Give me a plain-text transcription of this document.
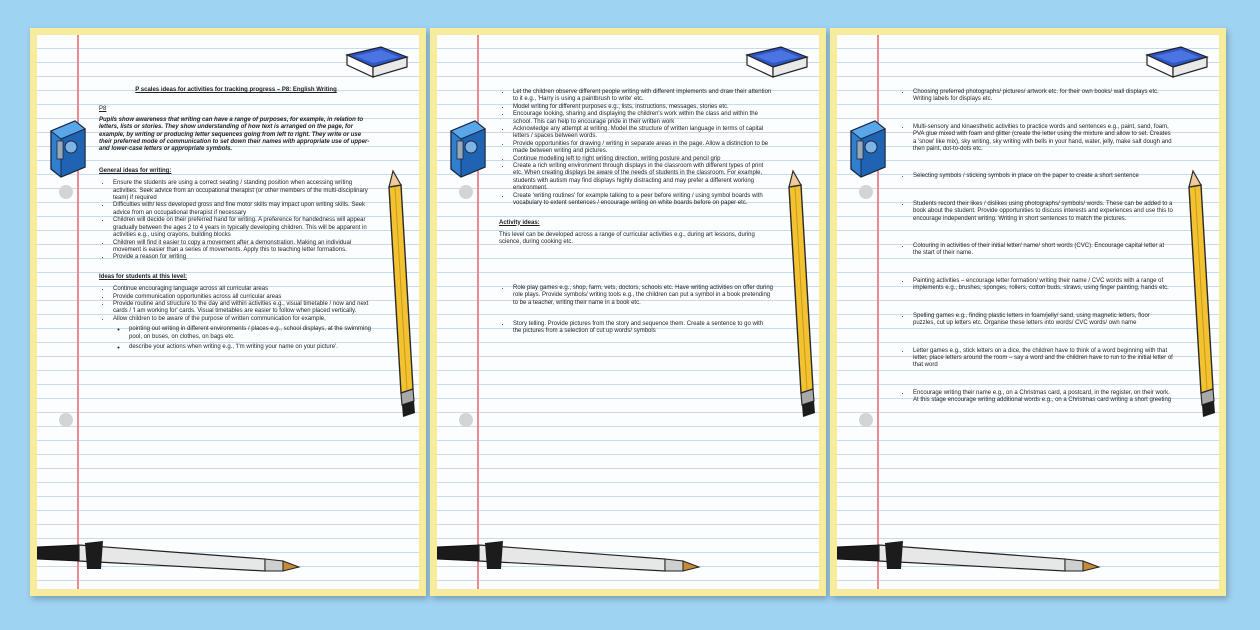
P scales ideas for activities for tracking progress – P8: English Writing
P8
Pupils show awareness that writing can have a range of purposes, for example, in relation to letters, lists or stories. They show understanding of how text is arranged on the page, for example, by writing or producing letter sequences going from left to right. They write or use their preferred mode of communication to set down their names with appropriate use of upper- and lower-case letters or appropriate symbols.
General ideas for writing:
• Ensure the students are using a correct seating / standing position when accessing writing activities. Seek advice from an occupational therapist (or other members of the multi-disciplinary team) if required
• Difficulties with/ less developed gross and fine motor skills may impact upon writing skills. Seek advice from an occupational therapist if necessary
• Children will decide on their preferred hand for writing. A preference for handedness will appear gradually between the ages 2 to 4 years in typically developing children. This will be apparent in activities e.g., using crayons, building blocks
• Children will find it easier to copy a movement after a demonstration. Making an individual movement is easier than a series of movements. Apply this to teaching letter formations.
• Provide a reason for writing
Ideas for students at this level:
• Continue encouraging language across all curricular areas
• Provide communication opportunities across all curricular areas
• Provide routine and structure to the day and within activities e.g., visual timetable / now and next cards / 'I am working for' cards. Visual timetables are easier to follow when placed vertically.
• Allow children to be aware of the purpose of written communication for example,
◦ pointing out writing in different environments / places e.g., school displays, at the swimming pool, on buses, on clothes, on bags etc.
◦ describe your actions when writing e.g., 'I'm writing your name on your picture'.
• Let the children observe different people writing with different implements and draw their attention to it e.g., 'Harry is using a paintbrush to write' etc.
• Model writing for different purposes e.g., lists, instructions, messages, stories etc.
• Encourage looking, sharing and displaying the children's work within the class and within the school. This can help to encourage pride in their written work
• Acknowledge any attempt at writing. Model the structure of written language in terms of capital letters / spaces between words.
• Provide opportunities for drawing / writing in separate areas in the page. Allow a distinction to be made between writing and pictures.
• Continue modelling left to right writing direction, writing posture and pencil grip
• Create a rich writing environment through displays in the classroom with different types of print etc. When creating displays be aware of the needs of students in the classroom. For example, students with autism may find displays highly distracting and may prefer a different working environment.
• Create 'writing routines' for example talking to a peer before writing / using symbol boards with vocabulary to extent sentences / encourage writing on white boards before on paper etc.
Activity ideas:

This level can be developed across a range of curricular activities e.g., during art lessons, during science, during cooking etc.

• Role play games e.g., shop, farm, vets, doctors, schools etc. Have writing activities on offer during role plays. Provide symbols/ writing tools e.g., the children can put a symbol in a book pretending to be a teacher, writing their name in a book etc.
• Story telling. Provide pictures from the story and sequence them. Create a sentence to go with the pictures from a selection of cut up words/ symbols
• Choosing preferred photographs/ pictures/ artwork etc. for their own books/ wall displays etc. Writing labels for displays etc.
• Multi-sensory and kinaesthetic activities to practice words and sentences e.g., paint, sand, foam, PVA glue mixed with foam and glitter (create the letter using the mixture and allow to set. Creates a 'snow' like mix), sky writing, sky writing with bells in your hand, water, jelly, make salt dough and then paint, dot-to-dots etc.
• Selecting symbols / sticking symbols in place on the paper to create a short sentence
• Students record their likes / dislikes using photographs/ symbols/ words. These can be added to a book about the student. Provide opportunities to discuss interests and experiences and use this to encourage independent writing. Writing in short sentences to match the pictures.
• Colouring in activities of their initial letter/ name/ short words (CVC). Encourage capital letter at the start of their name.
• Painting activities – encourage letter formation/ writing their name / CVC words with a range of implements e.g., brushes, sponges, rollers, cotton buds, straws, using finger painting, hands etc.
• Spelling games e.g., finding plastic letters in foam/jelly/ sand, using magnetic letters, floor puzzles, cut up letters etc. Organise these letters into words/ CVC words/ own name
• Letter games e.g., stick letters on a dice, the children have to think of a word beginning with that letter, place letters around the room – say a word and the children have to run to the initial letter of that word
• Encourage writing their name e.g., on a Christmas card, a postcard, in the register, on their work. At this stage encourage writing additional words e.g., on a Christmas card writing a short greeting
